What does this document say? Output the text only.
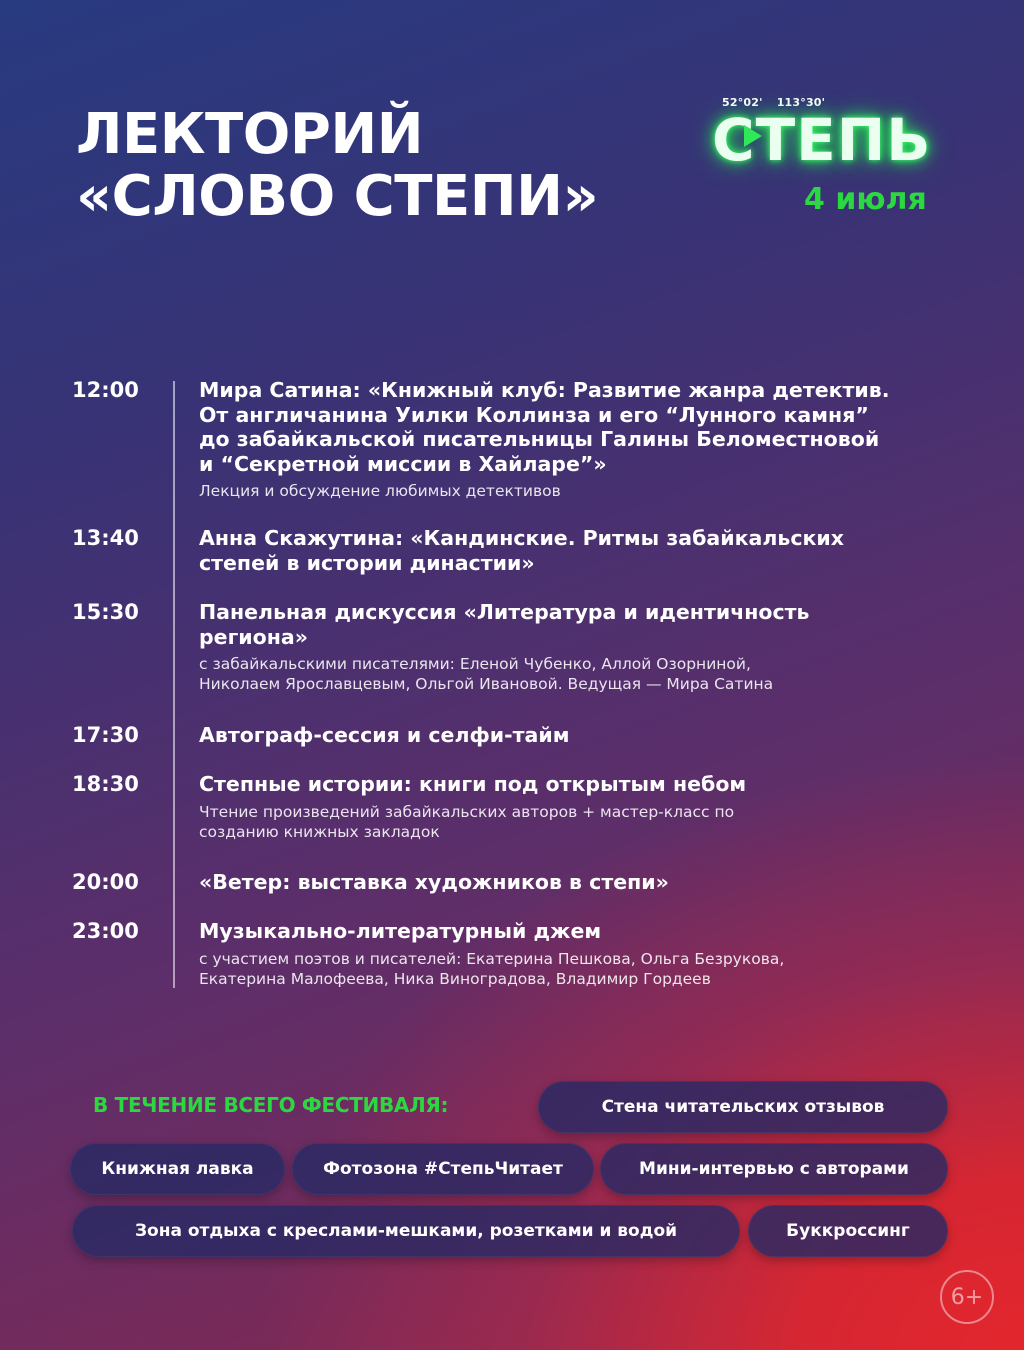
ЛЕКТОРИЙ
«СЛОВО СТЕПИ»
52°02' 113°30'
СТЕПЬ
4 июля
12:00	Мира Сатина: «Книжный клуб: Развитие жанра детектив.
От англичанина Уилки Коллинза и его “Лунного камня”
до забайкальской писательницы Галины Беломестновой
и “Секретной миссии в Хайларе”»
Лекция и обсуждение любимых детективов
13:40	Анна Скажутина: «Кандинские. Ритмы забайкальских
степей в истории династии»
15:30	Панельная дискуссия «Литература и идентичность
региона»
с забайкальскими писателями: Еленой Чубенко, Аллой Озорниной,
Николаем Ярославцевым, Ольгой Ивановой. Ведущая — Мира Сатина
17:30	Автограф-сессия и селфи-тайм
18:30	Степные истории: книги под открытым небом
Чтение произведений забайкальских авторов + мастер-класс по
созданию книжных закладок
20:00	«Ветер: выставка художников в степи»
23:00	Музыкально-литературный джем
с участием поэтов и писателей: Екатерина Пешкова, Ольга Безрукова,
Екатерина Малофеева, Ника Виноградова, Владимир Гордеев
В ТЕЧЕНИЕ ВСЕГО ФЕСТИВАЛЯ:	Стена читательских отзывов
Книжная лавка	Фотозона #СтепьЧитает	Мини-интервью с авторами
Зона отдыха с креслами-мешками, розетками и водой	Буккроссинг
6+
